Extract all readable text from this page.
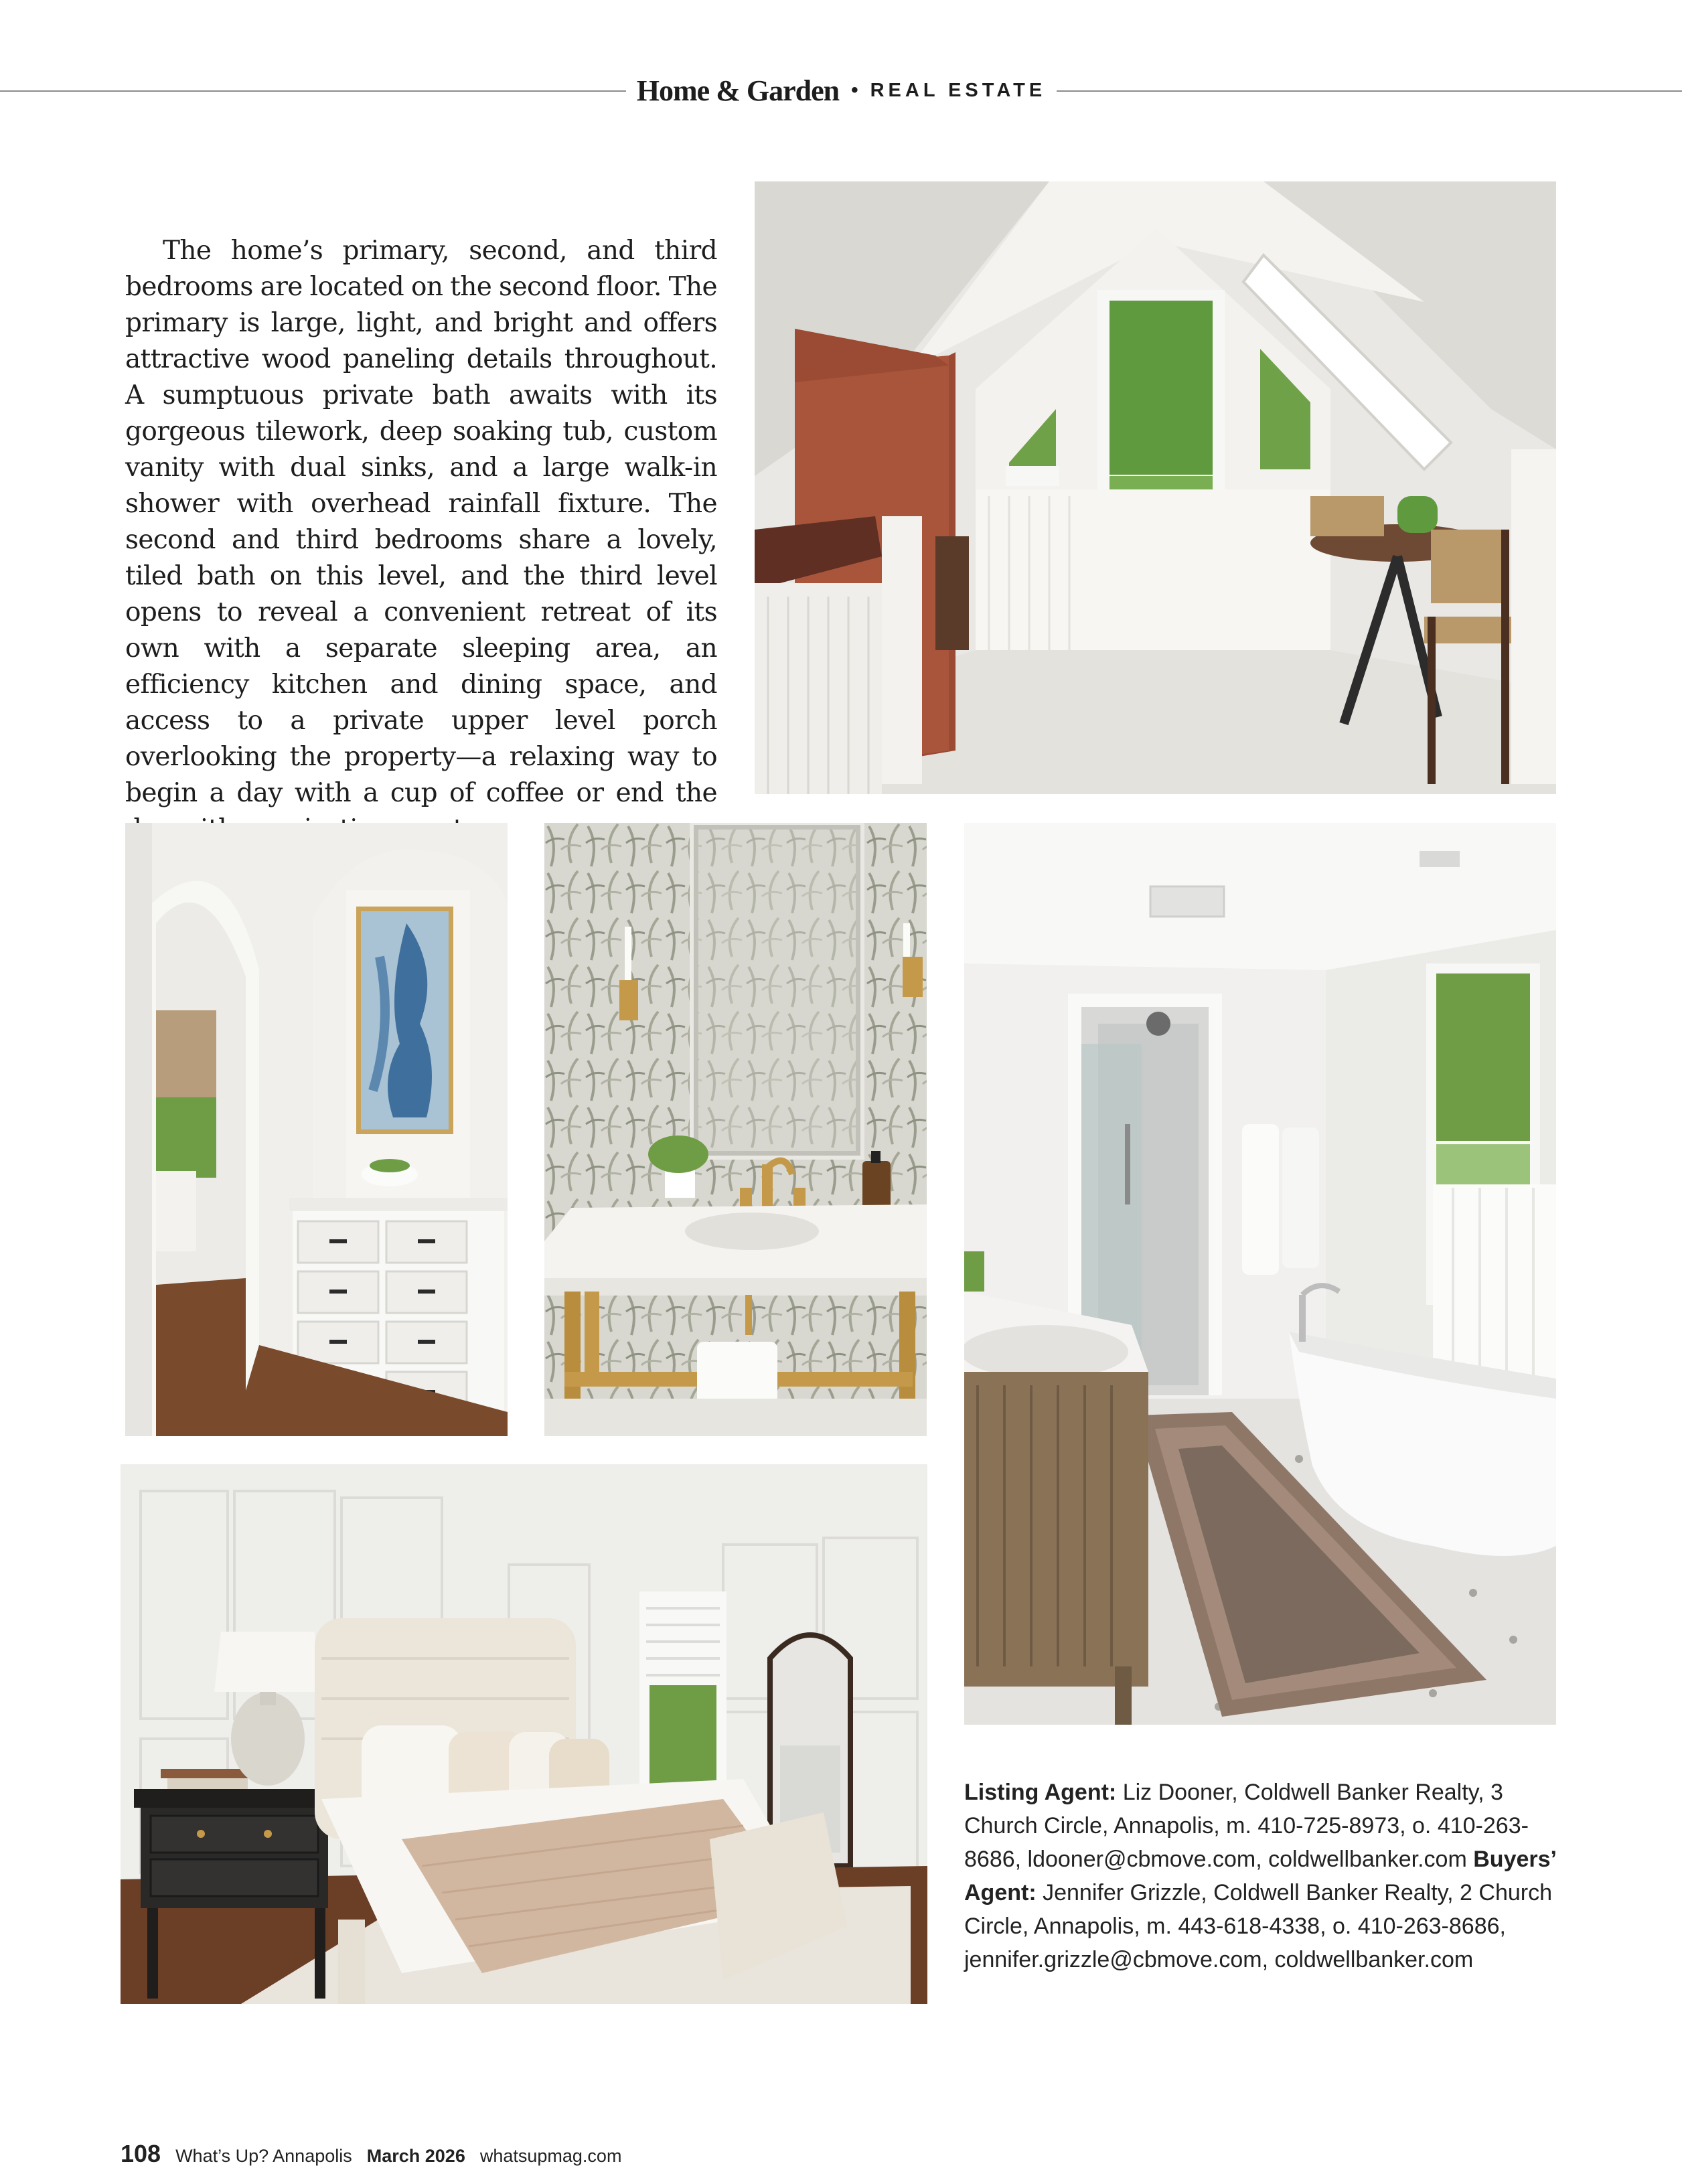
Home & Garden • REAL ESTATE

The home’s primary, second, and third bedrooms are located on the second floor. The primary is large, light, and bright and offers attractive wood paneling details throughout. A sumptuous private bath awaits with its gorgeous tilework, deep soaking tub, custom vanity with dual sinks, and a large walk-in shower with overhead rainfall fixture. The second and third bedrooms share a lovely, tiled bath on this level, and the third level opens to reveal a convenient retreat of its own with a separate sleeping area, an efficiency kitchen and dining space, and access to a private upper level porch overlooking the property—a relaxing way to begin a day with a cup of coffee or end the

Listing Agent: Liz Dooner, Coldwell Banker Realty, 3 Church Circle, Annapolis, m. 410-725-8973, o. 410-263-8686, ldooner@cbmove.com, coldwellbanker.com Buyers’ Agent: Jennifer Grizzle, Coldwell Banker Realty, 2 Church Circle, Annapolis, m. 443-618-4338, o. 410-263-8686, jennifer.grizzle@cbmove.com, coldwellbanker.com

108 What’s Up? Annapolis March 2026 whatsupmag.com
